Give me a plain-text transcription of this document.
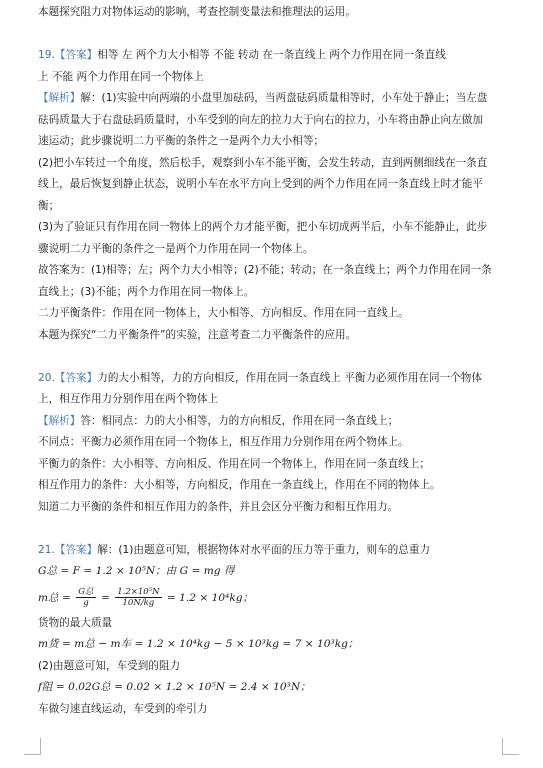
本题探究阻力对物体运动的影响，考查控制变量法和推理法的运用。

19.【答案】相等 左 两个力大小相等 不能 转动 在一条直线上 两个力作用在同一条直线

上 不能 两个力作用在同一个物体上

【解析】解：(1)实验中向两端的小盘里加砝码，当两盘砝码质量相等时，小车处于静止；当左盘

砝码质量大于右盘砝码质量时，小车受到的向左的拉力大于向右的拉力，小车将由静止向左做加

速运动；此步骤说明二力平衡的条件之一是两个力大小相等；

(2)把小车转过一个角度，然后松手，观察到小车不能平衡，会发生转动，直到两侧细线在一条直

线上，最后恢复到静止状态，说明小车在水平方向上受到的两个力作用在同一条直线上时才能平

衡；

(3)为了验证只有作用在同一物体上的两个力才能平衡，把小车切成两半后，小车不能静止，此步

骤说明二力平衡的条件之一是两个力作用在同一个物体上。

故答案为：(1)相等；左；两个力大小相等；(2)不能；转动；在一条直线上；两个力作用在同一条

直线上；(3)不能；两个力作用在同一物体上。

二力平衡条件：作用在同一物体上，大小相等、方向相反、作用在同一直线上。

本题为探究“二力平衡条件”的实验，注意考查二力平衡条件的应用。

20.【答案】力的大小相等，力的方向相反，作用在同一条直线上 平衡力必须作用在同一个物体

上，相互作用力分别作用在两个物体上

【解析】答：相同点：力的大小相等，力的方向相反，作用在同一条直线上；

不同点：平衡力必须作用在同一个物体上，相互作用力分别作用在两个物体上。

平衡力的条件：大小相等、方向相反、作用在同一个物体上，作用在同一条直线上；

相互作用力的条件：大小相等，方向相反，作用在一条直线上，作用在不同的物体上。

知道二力平衡的条件和相互作用力的条件，并且会区分平衡力和相互作用力。

21.【答案】解：(1)由题意可知，根据物体对水平面的压力等于重力，则车的总重力

G总 = F = 1.2 × 10⁵N；由 G = mg 得

m总 = $\frac{\text{G总}}{g} = \frac{\text{1.2×10⁵N}}{10N/kg} = 1.2 \times 10^4kg$；

货物的最大质量

m货 = m总 − m车 = 1.2 × 10⁴kg − 5 × 10³kg = 7 × 10³kg；

(2)由题意可知，车受到的阻力

f阻 = 0.02G总 = 0.02 × 1.2 × 10⁵N = 2.4 × 10³N；

车做匀速直线运动，车受到的牵引力
